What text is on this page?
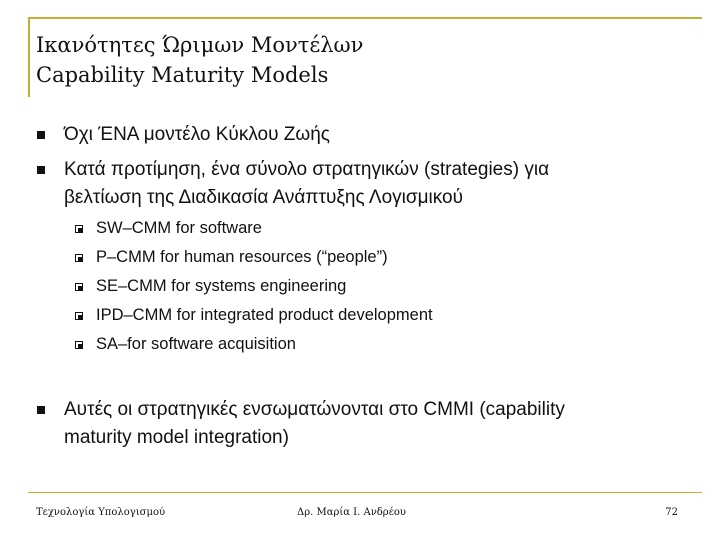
Ικανότητες Ώριμων Μοντέλων
Capability Maturity Models
Όχι ΈΝΑ μοντέλο Κύκλου Ζωής
Κατά προτίμηση, ένα σύνολο στρατηγικών (strategies) για
βελτίωση της Διαδικασία Ανάπτυξης Λογισμικού
SW–CMM for software
P–CMM for human resources (“people”)
SE–CMM for systems engineering
IPD–CMM for integrated product development
SA–for software acquisition
Αυτές οι στρατηγικές ενσωματώνονται στο CMMI (capability
maturity model integration)
Τεχνολογία Υπολογισμού	Δρ. Μαρία Ι. Ανδρέου	72
